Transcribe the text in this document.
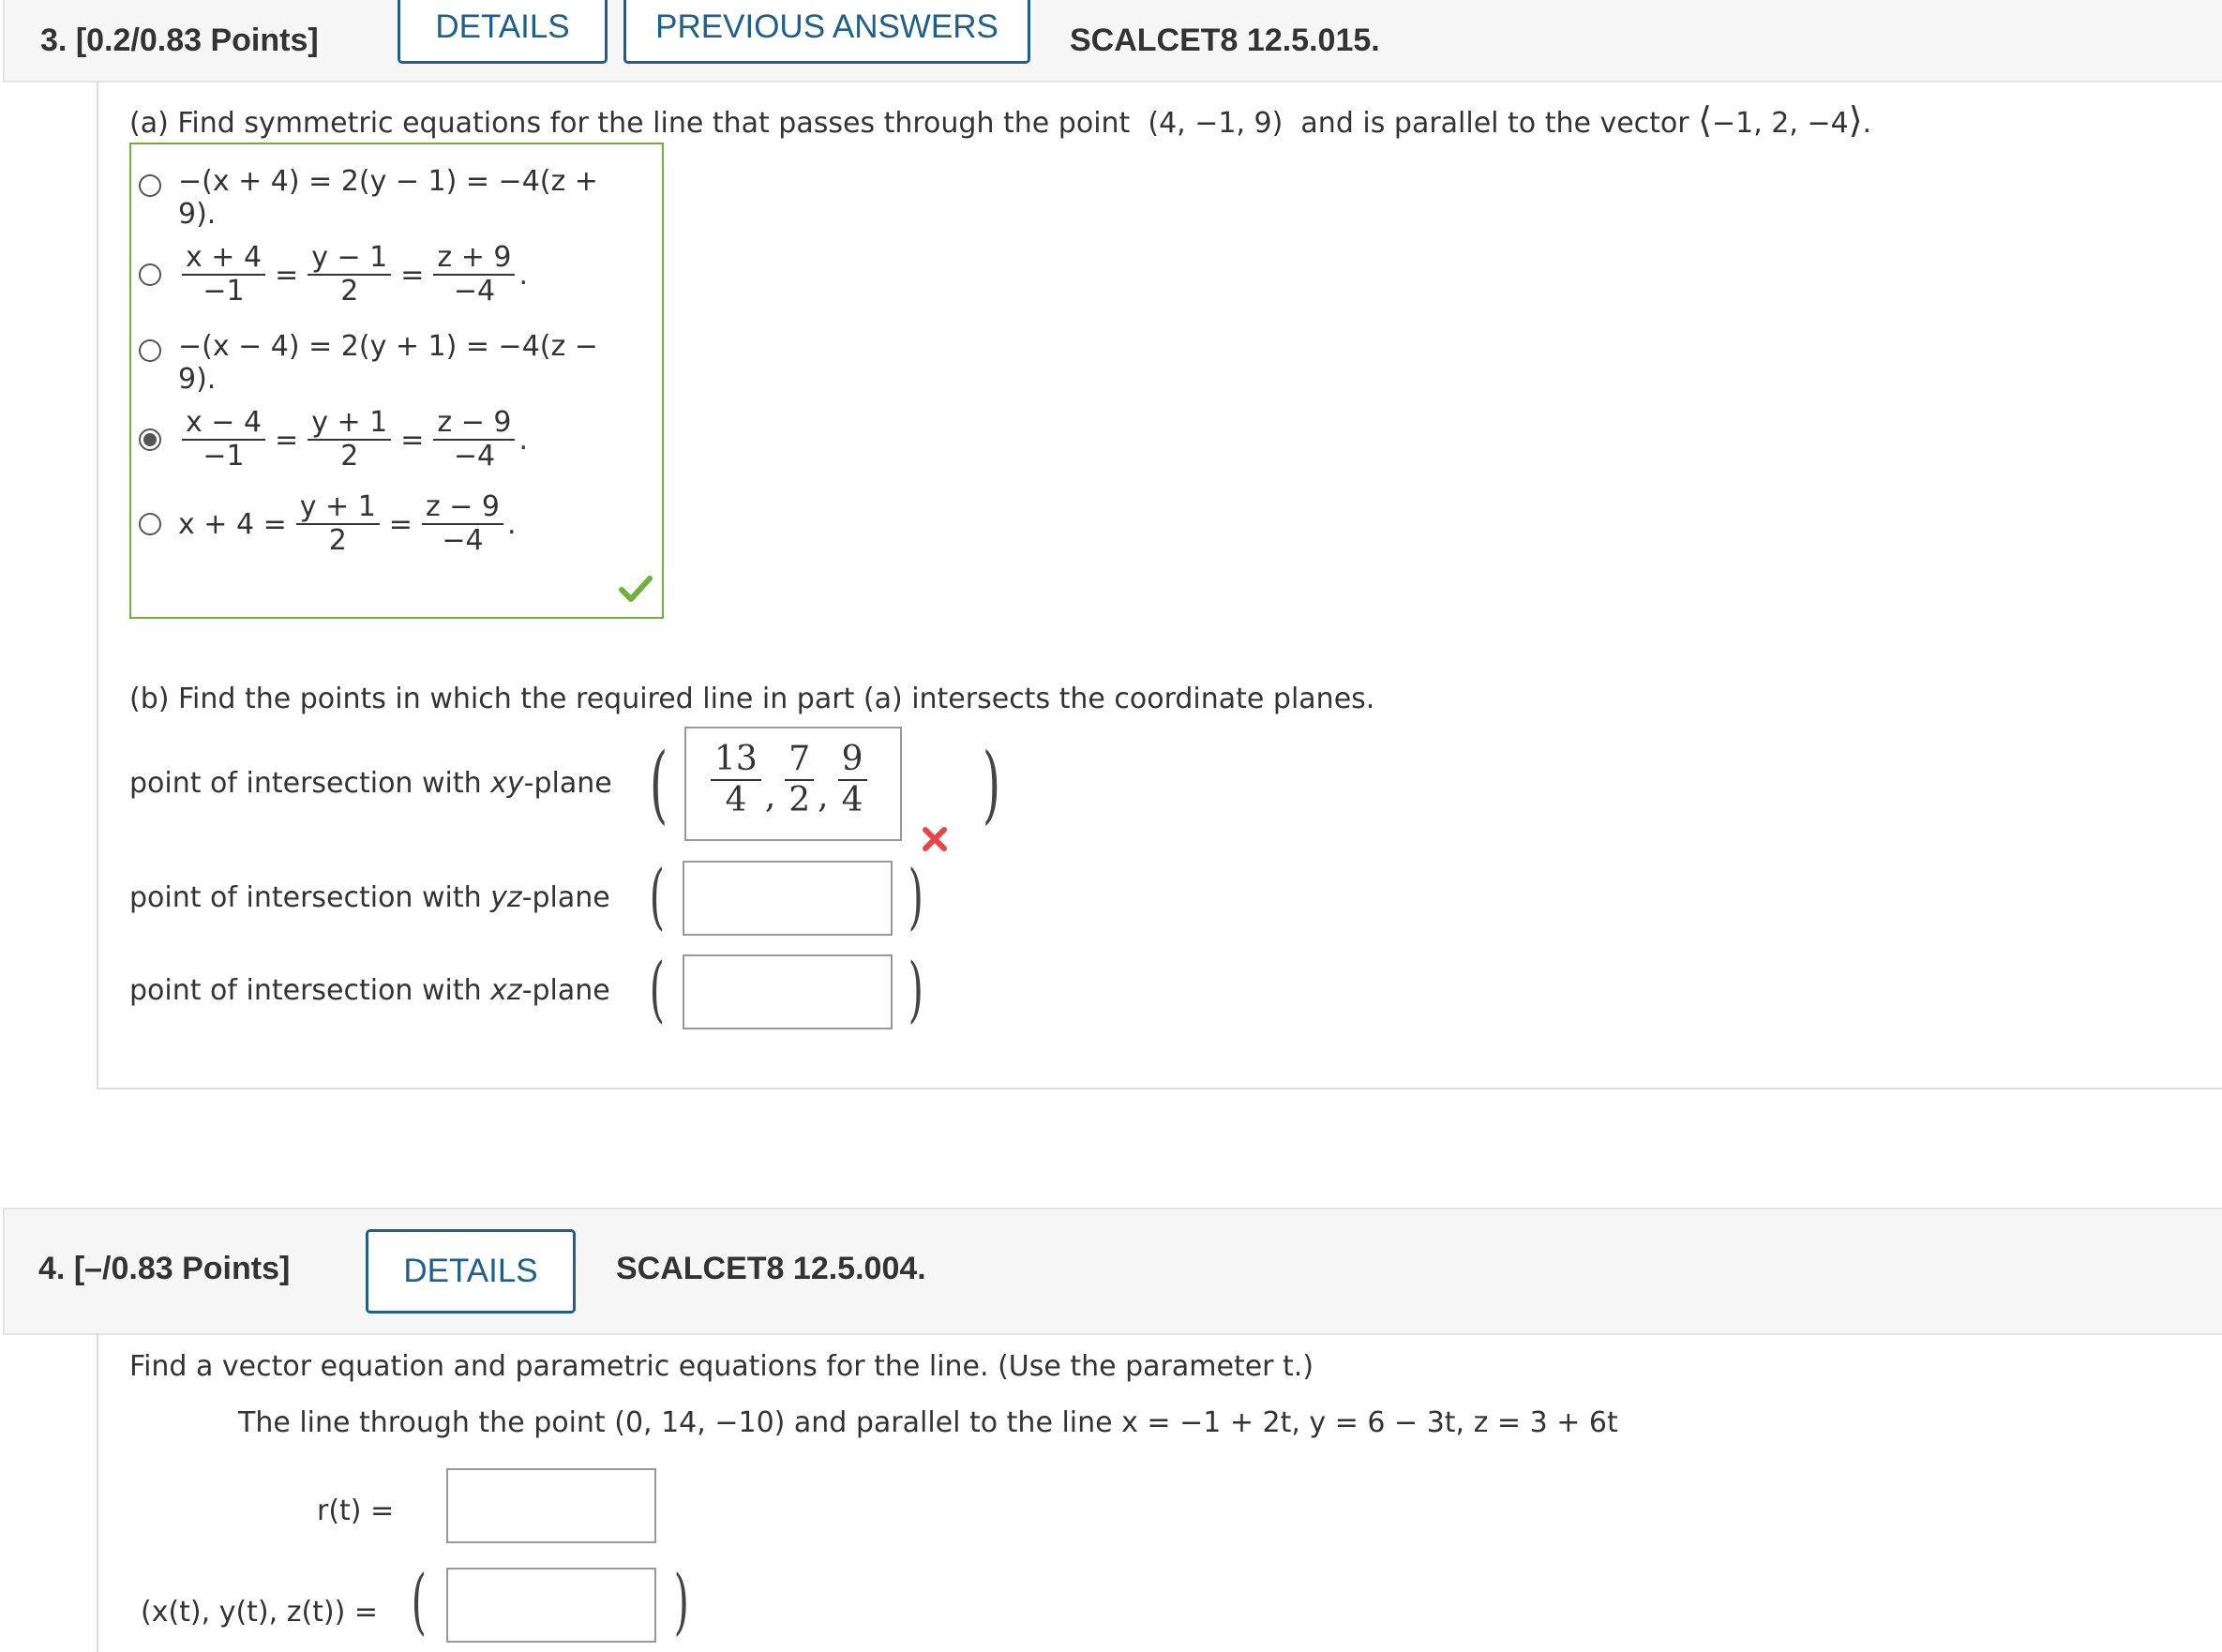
3. [0.2/0.83 Points]	DETAILS	PREVIOUS ANSWERS	SCALCET8 12.5.015.
(a) Find symmetric equations for the line that passes through the point (4, −1, 9) and is parallel to the vector ⟨−1, 2, −4⟩.
−(x + 4) = 2(y − 1) = −4(z +
9).
$\frac{x + 4}{-1} = \frac{y - 1}{2} = \frac{z + 9}{-4}$ .
−(x − 4) = 2(y + 1) = −4(z −
9).
$\frac{x - 4}{-1} = \frac{y + 1}{2} = \frac{z - 9}{-4}$ .
$x + 4 = \frac{y + 1}{2} = \frac{z - 9}{-4}$ .
(b) Find the points in which the required line in part (a) intersects the coordinate planes.
point of intersection with xy-plane ( $\frac{13}{4}$ , $\frac{7}{2}$ , $\frac{9}{4}$ )
point of intersection with yz-plane (	)
point of intersection with xz-plane (	)
4. [–/0.83 Points]	DETAILS	SCALCET8 12.5.004.
Find a vector equation and parametric equations for the line. (Use the parameter t.)
The line through the point (0, 14, −10) and parallel to the line x = −1 + 2t, y = 6 − 3t, z = 3 + 6t
r(t) =
(x(t), y(t), z(t)) = (	)
